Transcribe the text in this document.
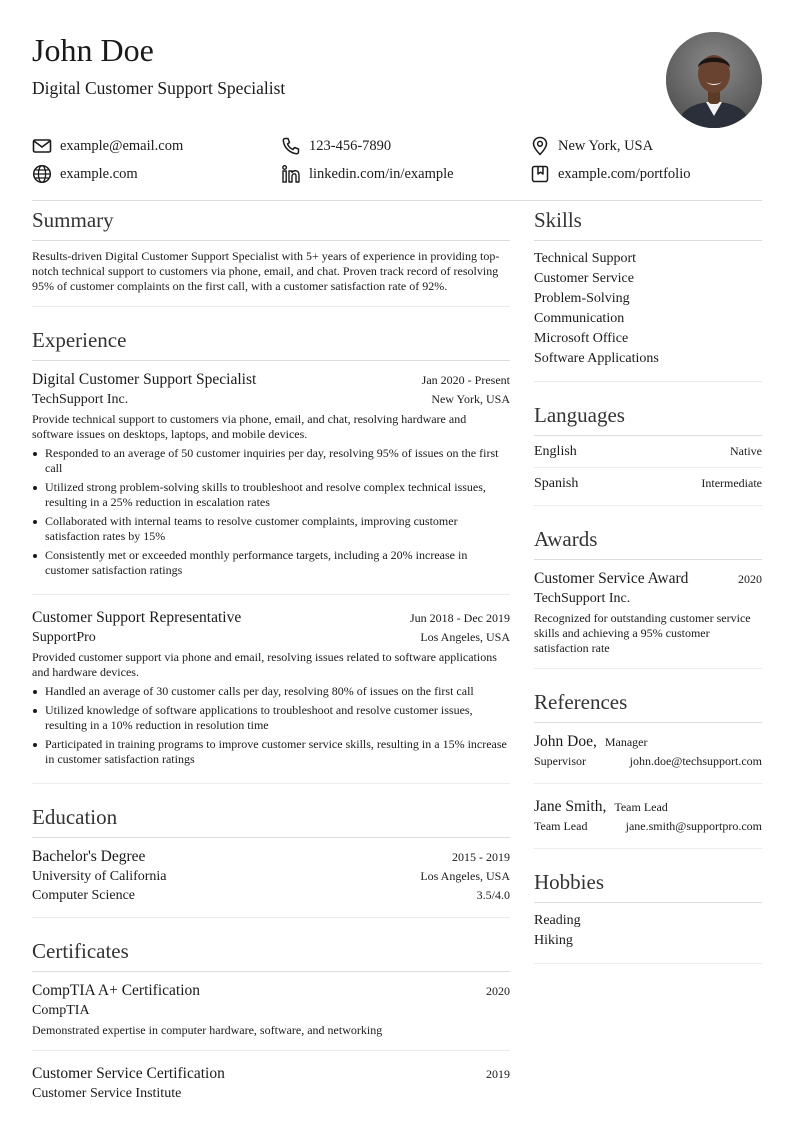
John Doe
Digital Customer Support Specialist
example@email.com	123-456-7890	New York, USA
example.com	linkedin.com/in/example	example.com/portfolio
Summary
Results-driven Digital Customer Support Specialist with 5+ years of experience in providing top-notch technical support to customers via phone, email, and chat. Proven track record of resolving 95% of customer complaints on the first call, with a customer satisfaction rate of 92%.
Experience
Digital Customer Support Specialist	Jan 2020 - Present
TechSupport Inc.	New York, USA
Provide technical support to customers via phone, email, and chat, resolving hardware and software issues on desktops, laptops, and mobile devices.
Responded to an average of 50 customer inquiries per day, resolving 95% of issues on the first call
Utilized strong problem-solving skills to troubleshoot and resolve complex technical issues, resulting in a 25% reduction in escalation rates
Collaborated with internal teams to resolve customer complaints, improving customer satisfaction rates by 15%
Consistently met or exceeded monthly performance targets, including a 20% increase in customer satisfaction ratings
Customer Support Representative	Jun 2018 - Dec 2019
SupportPro	Los Angeles, USA
Provided customer support via phone and email, resolving issues related to software applications and hardware devices.
Handled an average of 30 customer calls per day, resolving 80% of issues on the first call
Utilized knowledge of software applications to troubleshoot and resolve customer issues, resulting in a 10% reduction in resolution time
Participated in training programs to improve customer service skills, resulting in a 15% increase in customer satisfaction ratings
Education
Bachelor's Degree	2015 - 2019
University of California	Los Angeles, USA
Computer Science	3.5/4.0
Certificates
CompTIA A+ Certification	2020
CompTIA
Demonstrated expertise in computer hardware, software, and networking
Customer Service Certification	2019
Customer Service Institute
Skills
Technical Support
Customer Service
Problem-Solving
Communication
Microsoft Office
Software Applications
Languages
English	Native
Spanish	Intermediate
Awards
Customer Service Award	2020
TechSupport Inc.
Recognized for outstanding customer service skills and achieving a 95% customer satisfaction rate
References
John Doe, Manager
Supervisor	john.doe@techsupport.com
Jane Smith, Team Lead
Team Lead	jane.smith@supportpro.com
Hobbies
Reading
Hiking
